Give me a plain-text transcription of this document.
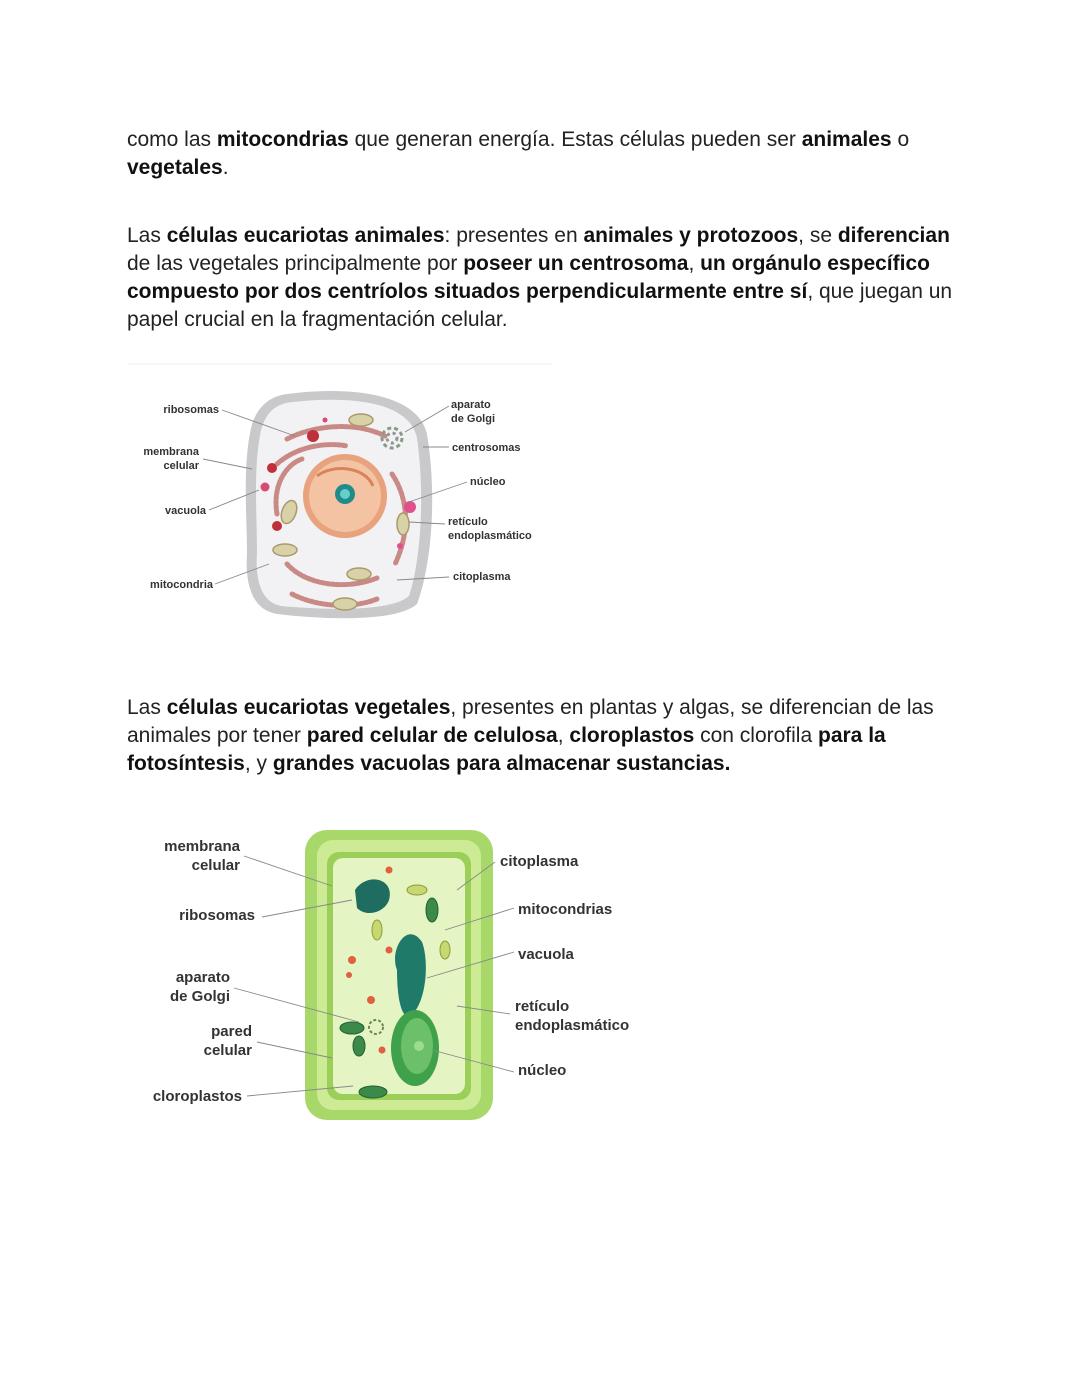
como las mitocondrias que generan energía. Estas células pueden ser animales o vegetales.

Las células eucariotas animales: presentes en animales y protozoos, se diferencian de las vegetales principalmente por poseer un centrosoma, un orgánulo específico compuesto por dos centríolos situados perpendicularmente entre sí, que juegan un papel crucial en la fragmentación celular.

ribosomas
membrana
celular
vacuola
mitocondria
aparato
de Golgi
centrosomas
núcleo
retículo
endoplasmático
citoplasma

Las células eucariotas vegetales, presentes en plantas y algas, se diferencian de las animales por tener pared celular de celulosa, cloroplastos con clorofila para la fotosíntesis, y grandes vacuolas para almacenar sustancias.

membrana
celular
ribosomas
aparato
de Golgi
pared
celular
cloroplastos
citoplasma
mitocondrias
vacuola
retículo
endoplasmático
núcleo
